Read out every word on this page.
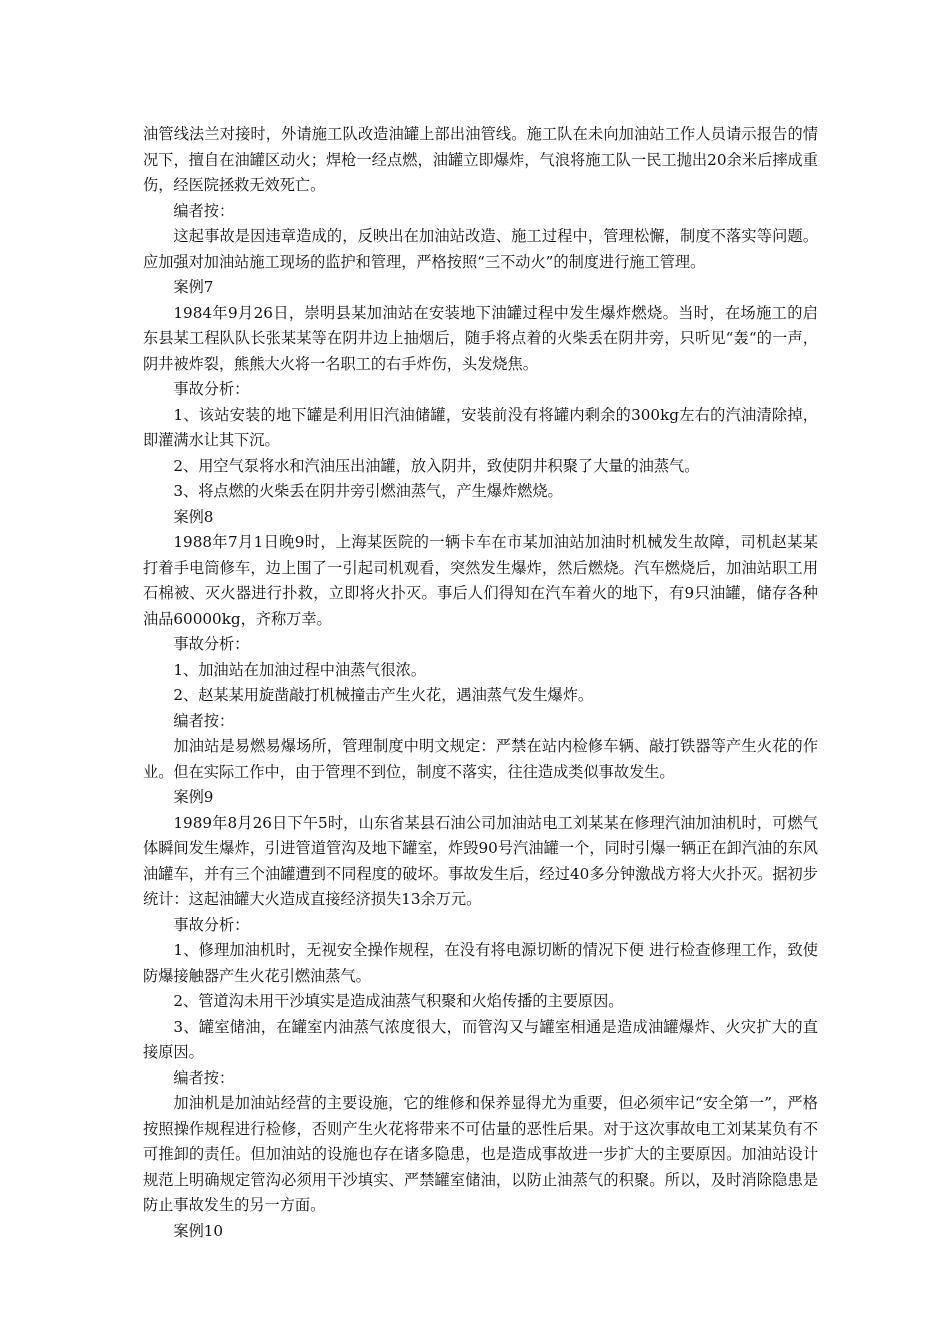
油管线法兰对接时，外请施工队改造油罐上部出油管线。施工队在未向加油站工作人员请示报告的情况下，擅自在油罐区动火；焊枪一经点燃，油罐立即爆炸，气浪将施工队一民工抛出20余米后摔成重伤，经医院拯救无效死亡。

编者按：

这起事故是因违章造成的，反映出在加油站改造、施工过程中，管理松懈，制度不落实等问题。应加强对加油站施工现场的监护和管理，严格按照“三不动火”的制度进行施工管理。

案例7

1984年9月26日，崇明县某加油站在安装地下油罐过程中发生爆炸燃烧。当时，在场施工的启东县某工程队队长张某某等在阴井边上抽烟后，随手将点着的火柴丢在阴井旁，只听见“轰“的一声，阴井被炸裂，熊熊大火将一名职工的右手炸伤，头发烧焦。

事故分析：

1、该站安装的地下罐是利用旧汽油储罐，安装前没有将罐内剩余的300kg左右的汽油清除掉，即灌满水让其下沉。

2、用空气泵将水和汽油压出油罐，放入阴井，致使阴井积聚了大量的油蒸气。

3、将点燃的火柴丢在阴井旁引燃油蒸气，产生爆炸燃烧。

案例8

1988年7月1日晚9时，上海某医院的一辆卡车在市某加油站加油时机械发生故障，司机赵某某打着手电筒修车，边上围了一引起司机观看，突然发生爆炸，然后燃烧。汽车燃烧后，加油站职工用石棉被、灭火器进行扑救，立即将火扑灭。事后人们得知在汽车着火的地下，有9只油罐，储存各种油品60000kg，齐称万幸。

事故分析：

1、加油站在加油过程中油蒸气很浓。

2、赵某某用旋凿敲打机械撞击产生火花，遇油蒸气发生爆炸。

编者按：

加油站是易燃易爆场所，管理制度中明文规定：严禁在站内检修车辆、敲打铁器等产生火花的作业。但在实际工作中，由于管理不到位，制度不落实，往往造成类似事故发生。

案例9

1989年8月26日下午5时，山东省某县石油公司加油站电工刘某某在修理汽油加油机时，可燃气体瞬间发生爆炸，引进管道管沟及地下罐室，炸毁90号汽油罐一个，同时引爆一辆正在卸汽油的东风油罐车，并有三个油罐遭到不同程度的破坏。事故发生后，经过40多分钟激战方将大火扑灭。据初步统计：这起油罐大火造成直接经济损失13余万元。

事故分析：

1、修理加油机时，无视安全操作规程，在没有将电源切断的情况下便 进行检查修理工作，致使防爆接触器产生火花引燃油蒸气。

2、管道沟未用干沙填实是造成油蒸气积聚和火焰传播的主要原因。

3、罐室储油，在罐室内油蒸气浓度很大，而管沟又与罐室相通是造成油罐爆炸、火灾扩大的直接原因。

编者按：

加油机是加油站经营的主要设施，它的维修和保养显得尤为重要，但必须牢记“安全第一”，严格按照操作规程进行检修，否则产生火花将带来不可估量的恶性后果。对于这次事故电工刘某某负有不可推卸的责任。但加油站的设施也存在诸多隐患，也是造成事故进一步扩大的主要原因。加油站设计规范上明确规定管沟必须用干沙填实、严禁罐室储油，以防止油蒸气的积聚。所以，及时消除隐患是防止事故发生的另一方面。

案例10
